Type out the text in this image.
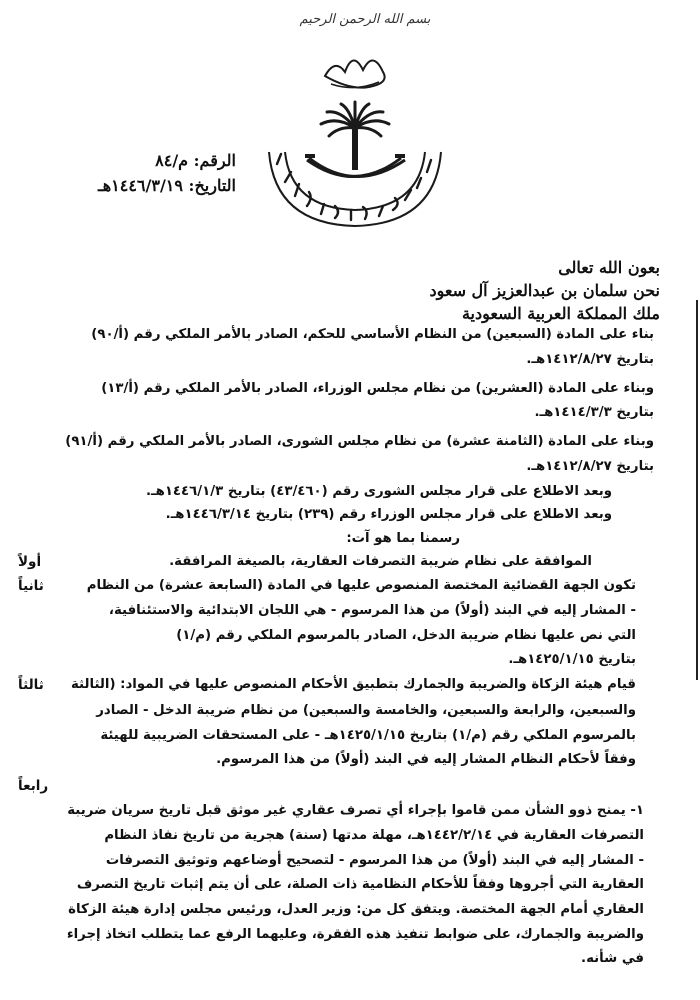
بسم الله الرحمن الرحيم
الرقم: م/٨٤
التاريخ: ١٤٤٦/٣/١٩هـ
بعون الله تعالى
نحن سلمان بن عبدالعزيز آل سعود
ملك المملكة العربية السعودية
بناء على المادة (السبعين) من النظام الأساسي للحكم، الصادر بالأمر الملكي رقم (أ/٩٠)
بتاريخ ١٤١٢/٨/٢٧هـ.
وبناء على المادة (العشرين) من نظام مجلس الوزراء، الصادر بالأمر الملكي رقم (أ/١٣)
بتاريخ ١٤١٤/٣/٣هـ.
وبناء على المادة (الثامنة عشرة) من نظام مجلس الشورى، الصادر بالأمر الملكي رقم (أ/٩١)
بتاريخ ١٤١٢/٨/٢٧هـ.
وبعد الاطلاع على قرار مجلس الشورى رقم (٤٣/٤٦٠) بتاريخ ١٤٤٦/١/٣هـ.
وبعد الاطلاع على قرار مجلس الوزراء رقم (٢٣٩) بتاريخ ١٤٤٦/٣/١٤هـ.
رسمنا بما هو آت:
أولاً
ثانياً
ثالثاً
رابعاً
الموافقة على نظام ضريبة التصرفات العقارية، بالصيغة المرافقة.
تكون الجهة القضائية المختصة المنصوص عليها في المادة (السابعة عشرة) من النظام
- المشار إليه في البند (أولاً) من هذا المرسوم - هي اللجان الابتدائية والاستئنافية،
التي نص عليها نظام ضريبة الدخل، الصادر بالمرسوم الملكي رقم (م/١)
بتاريخ ١٤٢٥/١/١٥هـ.
قيام هيئة الزكاة والضريبة والجمارك بتطبيق الأحكام المنصوص عليها في المواد: (الثالثة
والسبعين، والرابعة والسبعين، والخامسة والسبعين) من نظام ضريبة الدخل - الصادر
بالمرسوم الملكي رقم (م/١) بتاريخ ١٤٢٥/١/١٥هـ - على المستحقات الضريبية للهيئة
وفقاً لأحكام النظام المشار إليه في البند (أولاً) من هذا المرسوم.
١- يمنح ذوو الشأن ممن قاموا بإجراء أي تصرف عقاري غير موثق قبل تاريخ سريان ضريبة
التصرفات العقارية في ١٤٤٢/٢/١٤هـ، مهلة مدتها (سنة) هجرية من تاريخ نفاذ النظام
- المشار إليه في البند (أولاً) من هذا المرسوم - لتصحيح أوضاعهم وتوثيق التصرفات
العقارية التي أجروها وفقاً للأحكام النظامية ذات الصلة، على أن يتم إثبات تاريخ التصرف
العقاري أمام الجهة المختصة. ويتفق كل من: وزير العدل، ورئيس مجلس إدارة هيئة الزكاة
والضريبة والجمارك، على ضوابط تنفيذ هذه الفقرة، وعليهما الرفع عما يتطلب اتخاذ إجراء
في شأنه.
